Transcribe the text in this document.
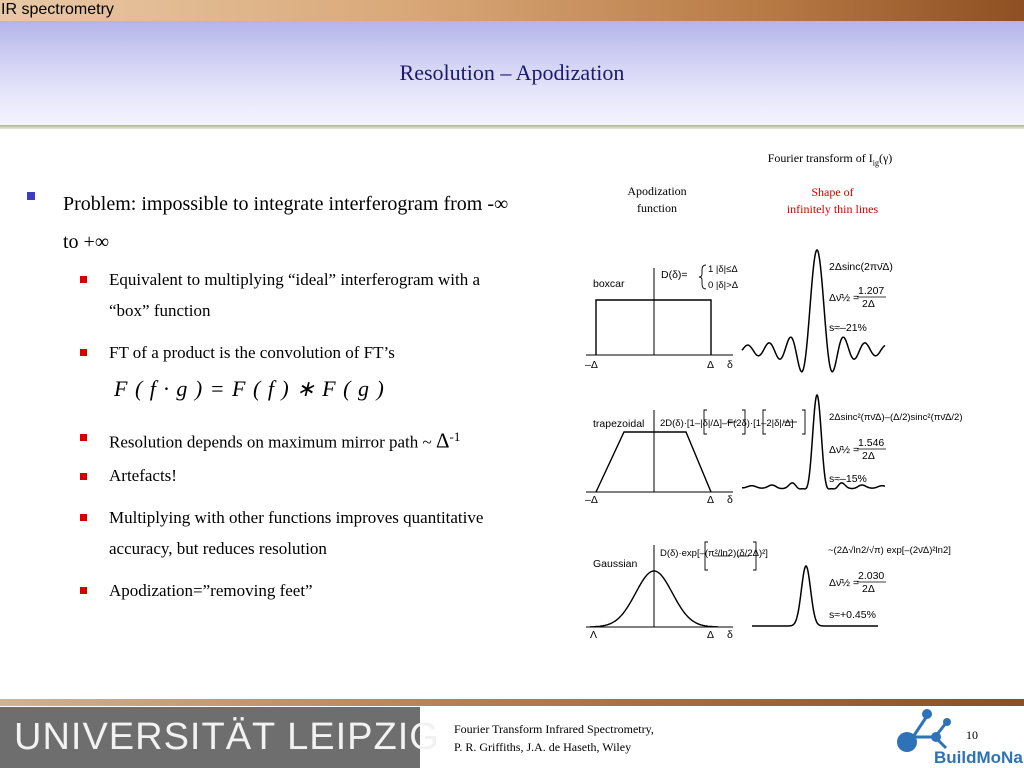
IR spectrometry
Resolution – Apodization
Problem: impossible to integrate interferogram from -∞
to +∞
Equivalent to multiplying “ideal” interferogram with a
“box” function
FT of a product is the convolution of FT’s
F ( f · g ) = F ( f ) ∗ F ( g )
Resolution depends on maximum mirror path ~ $\Delta^{-1}$
Artefacts!
Multiplying with other functions improves quantitative
accuracy, but reduces resolution
Apodization=”removing feet”
Fourier transform of $I_{ig}(\gamma)$
Apodization
function
Shape of
infinitely thin lines
boxcar
D(δ)= 1 |δ|≤Δ
0 |δ|>Δ
–Δ	Δ δ
2Δsinc(2πν̄Δ)
Δν̄½ =
1.207
2Δ
s≈–21%
trapezoidal 2D(δ)·[1–|δ|/Δ]–F(2δ)·[1–2|δ|/Δ]
–Δ	Δ δ
2Δsinc²(πν̄Δ)–(Δ/2)sinc²(πν̄Δ/2)
Δν̄½ =
1.546
2Δ
s≈–15%
Gaussian
D(δ)·exp[–(π²/ln2)(δ/2Δ)²]
Λ	Δ δ
~(2Δ√ln2/√π) exp[–(2ν̄Δ)²ln2]
Δν̄½ =
2.030
2Δ
s≈+0.45%
UNIVERSITÄT LEIPZIG Fourier Transform Infrared Spectrometry,
P. R. Griffiths, J.A. de Haseth, Wiley
10
BuildMoNa
